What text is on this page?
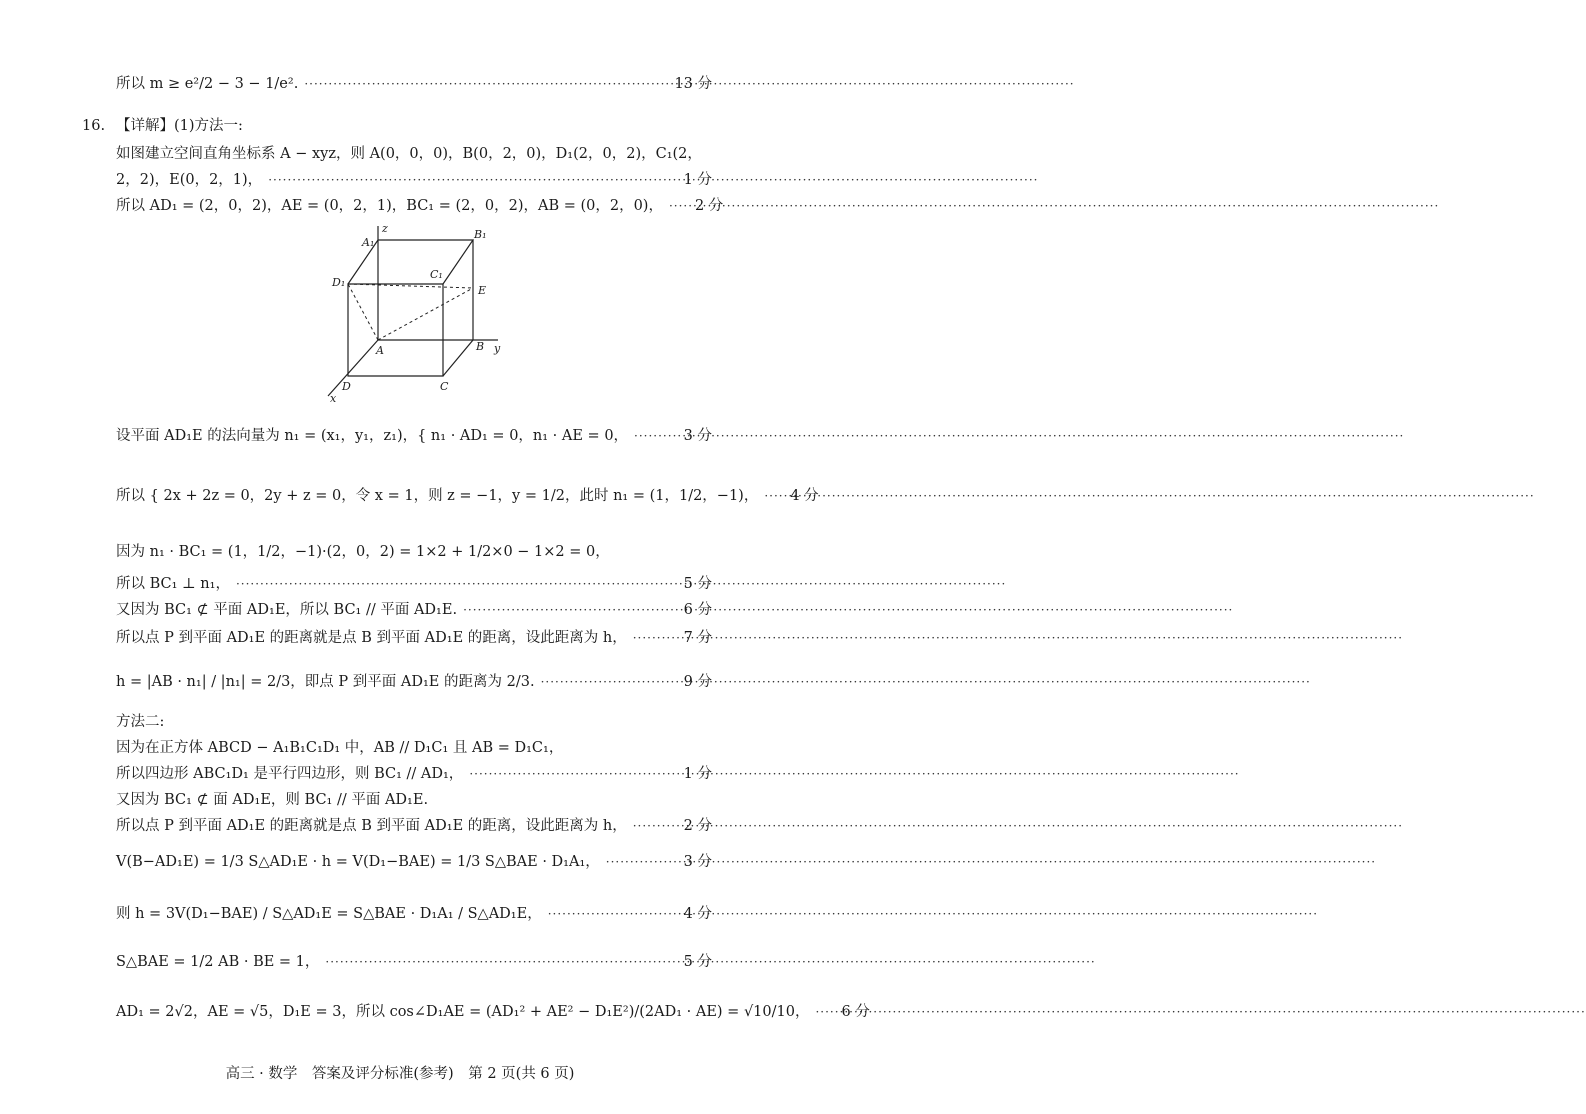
16.
所以 m ≥ e²/2 − 3 − 1/e². ·····	13 分
【详解】(1)方法一:
如图建立空间直角坐标系 A − xyz，则 A(0，0，0)，B(0，2，0)，D₁(2，0，2)，C₁(2，
2，2)，E(0，2，1)， ·····	1 分
所以 AD₁ = (2，0，2)，AE = (0，2，1)，BC₁ = (2，0，2)，AB = (0，2，0)， ····· 2 分
z
y
x
A₁
B₁
C₁
D₁
E
A	B
C
D
设平面 AD₁E 的法向量为 n₁ = (x₁，y₁，z₁)，{ n₁ · AD₁ = 0，n₁ · AE = 0， ·····	3 分
所以 { 2x + 2z = 0，2y + z = 0，令 x = 1，则 z = −1，y = 1/2，此时 n₁ = (1，1/2，−1)， ····· 4 分
因为 n₁ · BC₁ = (1，1/2，−1)·(2，0，2) = 1×2 + 1/2×0 − 1×2 = 0，
所以 BC₁ ⊥ n₁， ·····	5 分
又因为 BC₁ ⊄ 平面 AD₁E，所以 BC₁ // 平面 AD₁E. ·····	6 分
所以点 P 到平面 AD₁E 的距离就是点 B 到平面 AD₁E 的距离，设此距离为 h， ·····	7 分
h = |AB · n₁| / |n₁| = 2/3，即点 P 到平面 AD₁E 的距离为 2/3. ·····	9 分
方法二:
因为在正方体 ABCD − A₁B₁C₁D₁ 中，AB // D₁C₁ 且 AB = D₁C₁，
所以四边形 ABC₁D₁ 是平行四边形，则 BC₁ // AD₁， ·····	1 分
又因为 BC₁ ⊄ 面 AD₁E，则 BC₁ // 平面 AD₁E.
所以点 P 到平面 AD₁E 的距离就是点 B 到平面 AD₁E 的距离，设此距离为 h， ·····	2 分
V(B−AD₁E) = 1/3 S△AD₁E · h = V(D₁−BAE) = 1/3 S△BAE · D₁A₁， ·····	3 分
则 h = 3V(D₁−BAE) / S△AD₁E = S△BAE · D₁A₁ / S△AD₁E， ·····	4 分
S△BAE = 1/2 AB · BE = 1， ·····	5 分
AD₁ = 2√2，AE = √5，D₁E = 3，所以 cos∠D₁AE = (AD₁² + AE² − D₁E²)/(2AD₁ · AE) = √10/10， ····· 6 分
高三 · 数学　答案及评分标准(参考)　第 2 页(共 6 页)
